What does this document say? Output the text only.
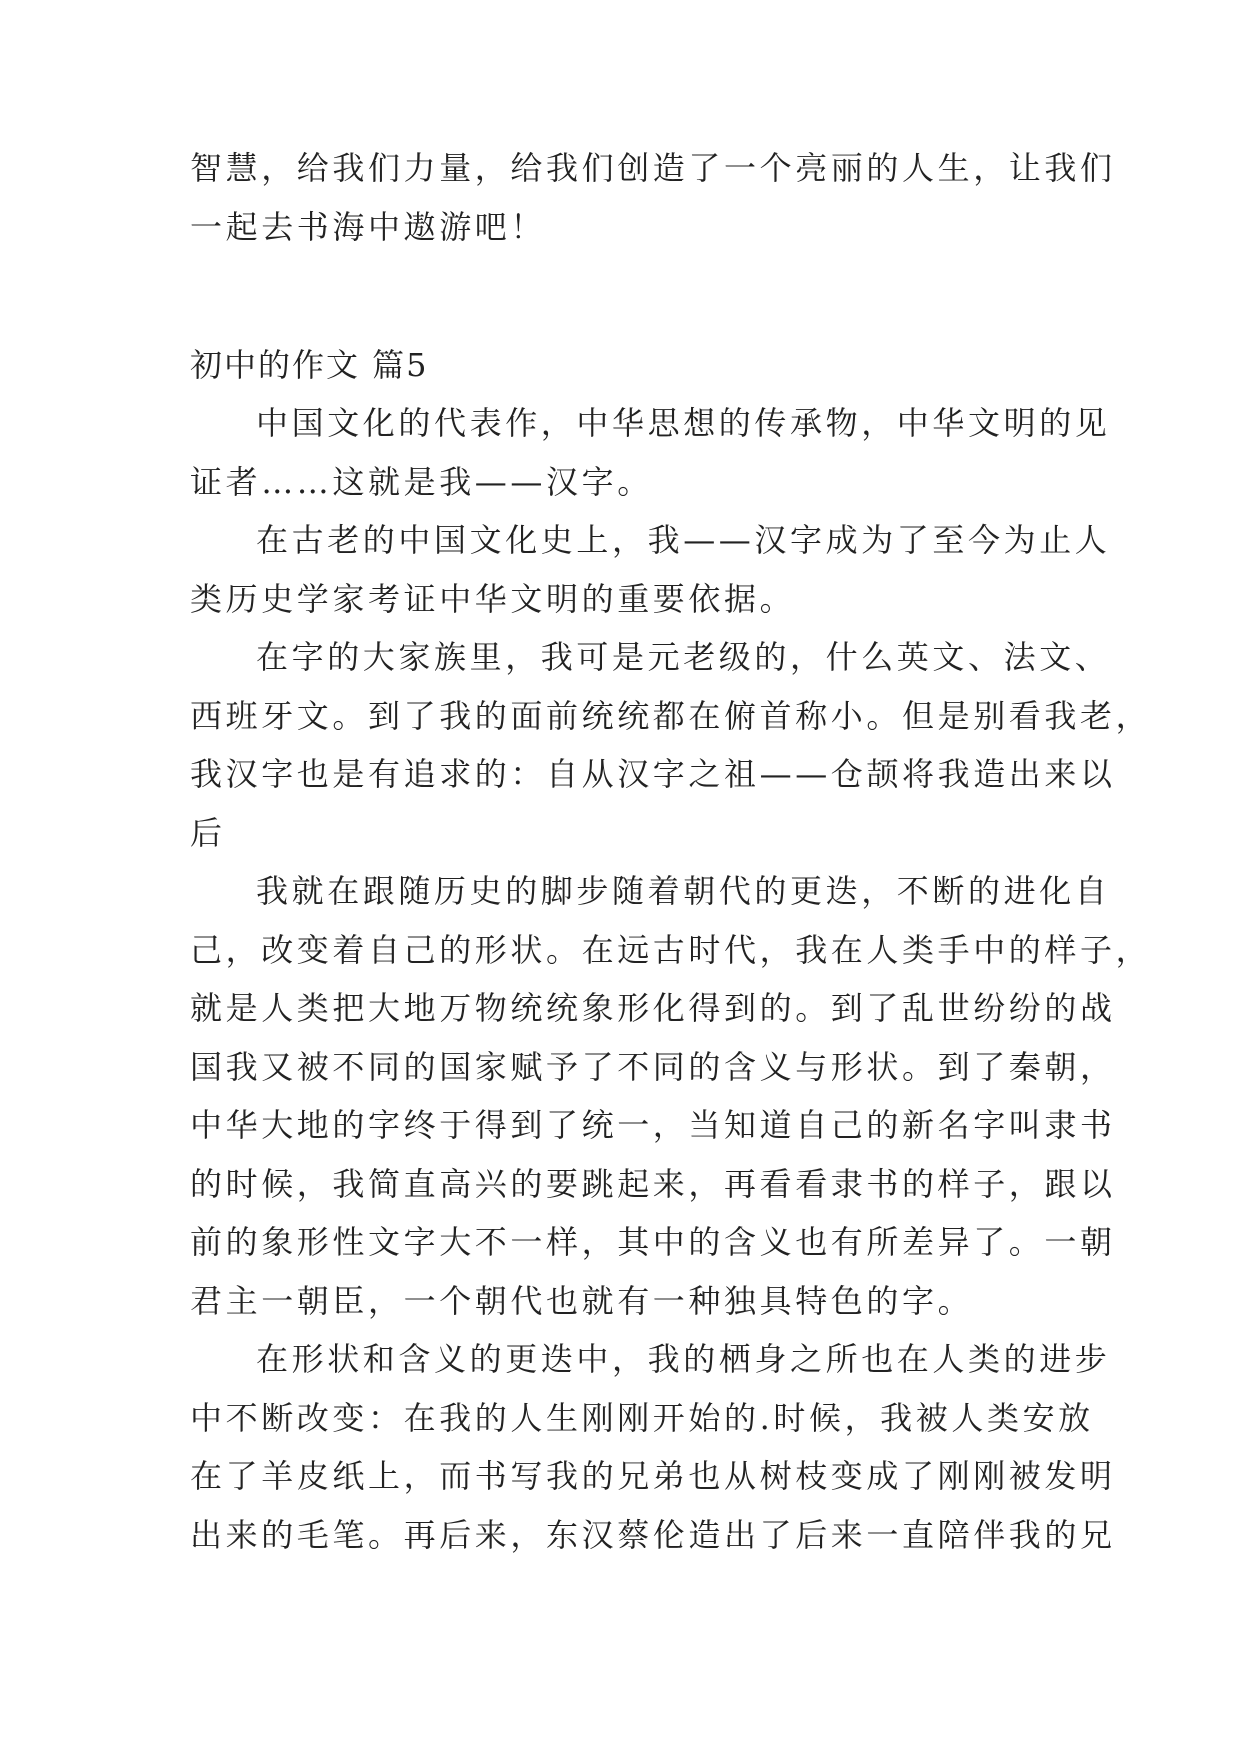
智慧，给我们力量，给我们创造了一个亮丽的人生，让我们
一起去书海中遨游吧！
初中的作文 篇5
中国文化的代表作，中华思想的传承物，中华文明的见
证者……这就是我——汉字。
在古老的中国文化史上，我——汉字成为了至今为止人
类历史学家考证中华文明的重要依据。
在字的大家族里，我可是元老级的，什么英文、法文、
西班牙文。到了我的面前统统都在俯首称小。但是别看我老，
我汉字也是有追求的：自从汉字之祖——仓颉将我造出来以
后
我就在跟随历史的脚步随着朝代的更迭，不断的进化自
己，改变着自己的形状。在远古时代，我在人类手中的样子，
就是人类把大地万物统统象形化得到的。到了乱世纷纷的战
国我又被不同的国家赋予了不同的含义与形状。到了秦朝，
中华大地的字终于得到了统一，当知道自己的新名字叫隶书
的时候，我简直高兴的要跳起来，再看看隶书的样子，跟以
前的象形性文字大不一样，其中的含义也有所差异了。一朝
君主一朝臣，一个朝代也就有一种独具特色的字。
在形状和含义的更迭中，我的栖身之所也在人类的进步
中不断改变：在我的人生刚刚开始的.时候，我被人类安放
在了羊皮纸上，而书写我的兄弟也从树枝变成了刚刚被发明
出来的毛笔。再后来，东汉蔡伦造出了后来一直陪伴我的兄
